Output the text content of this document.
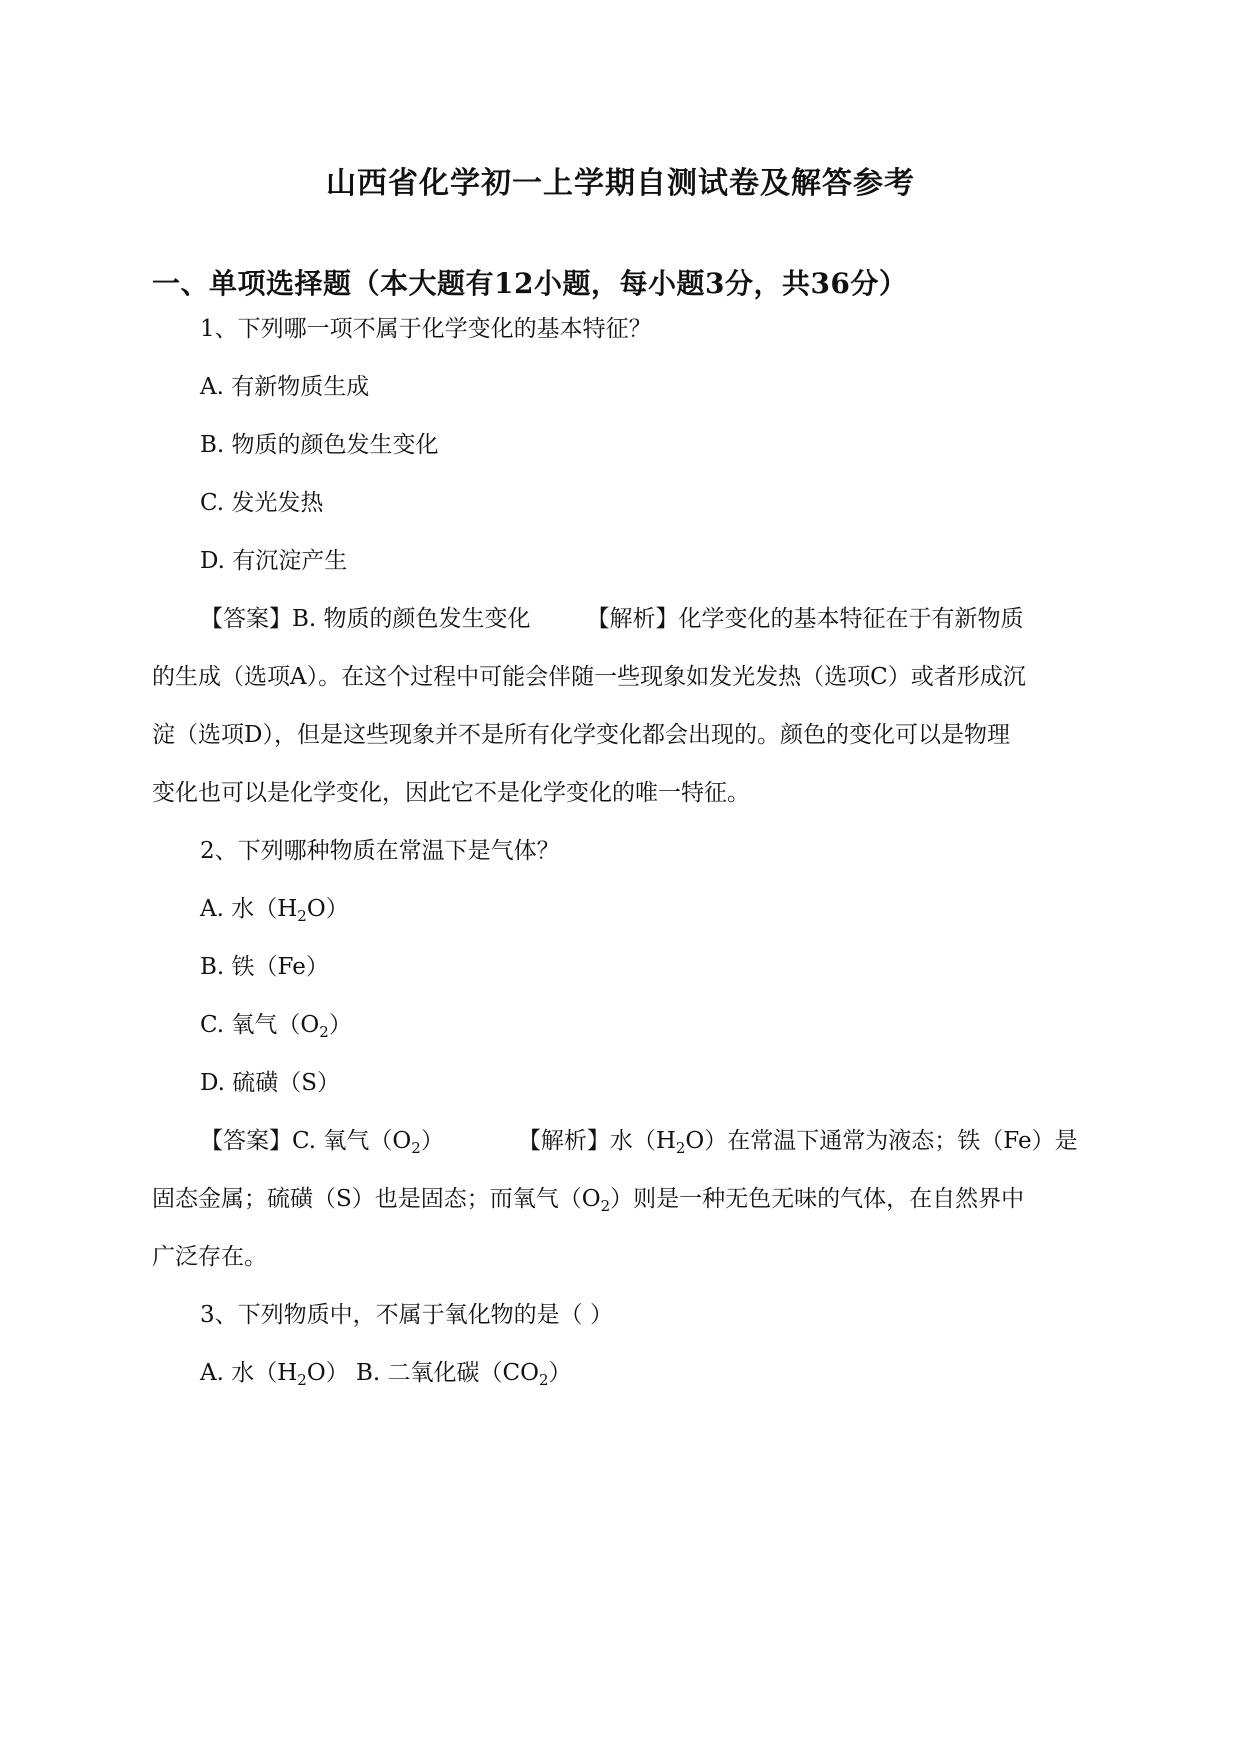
山西省化学初一上学期自测试卷及解答参考
一、单项选择题（本大题有12小题，每小题3分，共36分）
1、下列哪一项不属于化学变化的基本特征？
A. 有新物质生成
B. 物质的颜色发生变化
C. 发光发热
D. 有沉淀产生
【答案】B. 物质的颜色发生变化 【解析】化学变化的基本特征在于有新物质
的生成（选项A）。在这个过程中可能会伴随一些现象如发光发热（选项C）或者形成沉
淀（选项D），但是这些现象并不是所有化学变化都会出现的。颜色的变化可以是物理
变化也可以是化学变化，因此它不是化学变化的唯一特征。
2、下列哪种物质在常温下是气体？
A. 水$(H_2O)$
B. 铁（Fe）
C. 氧气$(O_2)$
D. 硫磺（S）
【答案】C. 氧气$(O_2)$	【解析】水$(H_2O)$在常温下通常为液态；铁（Fe）是
固态金属；硫磺（S）也是固态；而氧气$(O_2)$则是一种无色无味的气体，在自然界中
广泛存在。
3、下列物质中，不属于氧化物的是（ ）
A. 水$(H_2O)$ B. 二氧化碳$(CO_2)$
